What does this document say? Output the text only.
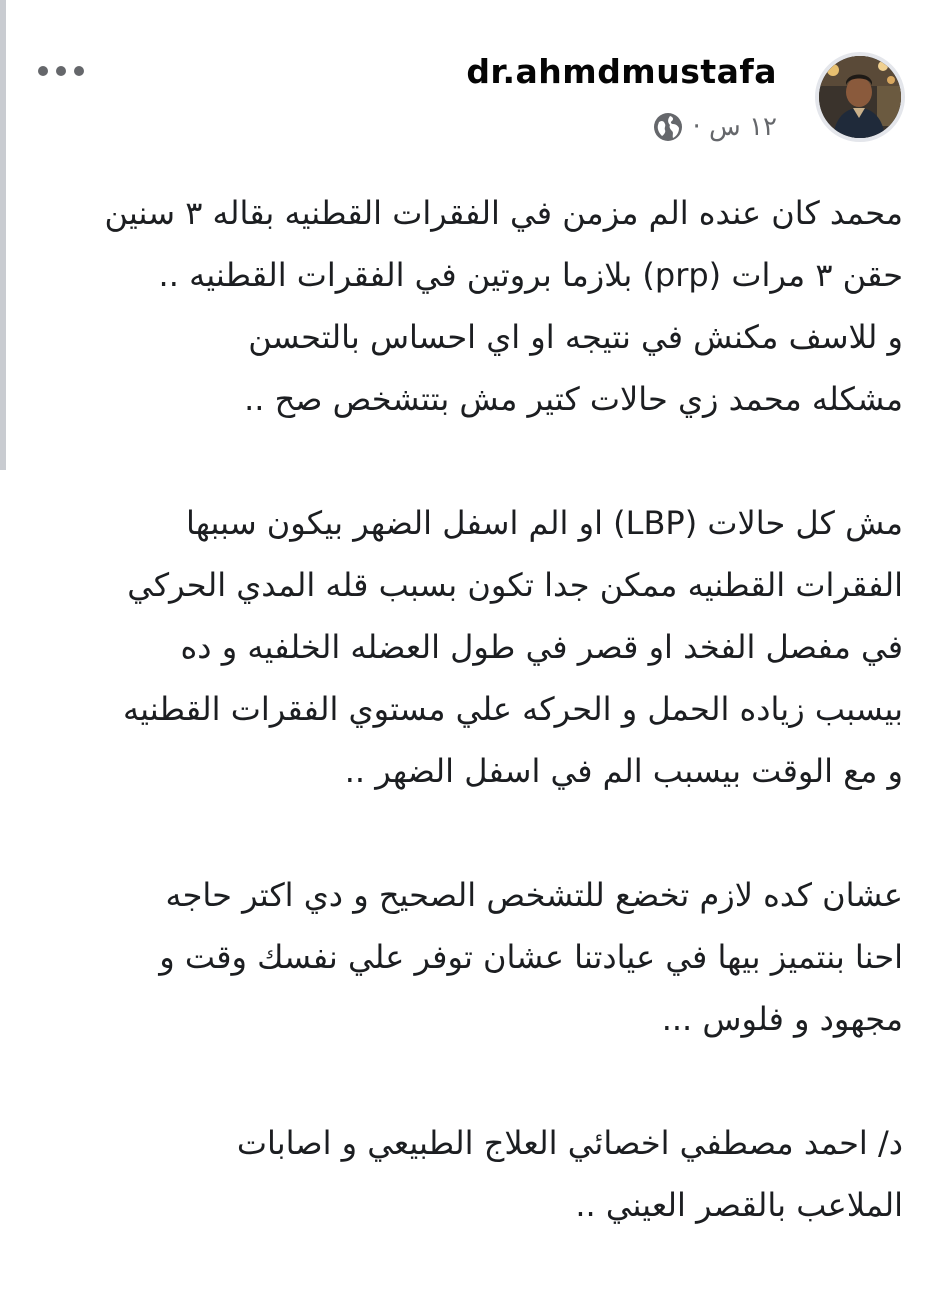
dr.ahmdmustafa
١٢ س ·
محمد كان عنده الم مزمن في الفقرات القطنيه بقاله ٣ سنين
حقن ٣ مرات (prp) بلازما بروتين في الفقرات القطنيه ..
و للاسف مكنش في نتيجه او اي احساس بالتحسن
مشكله محمد زي حالات كتير مش بتتشخص صح ..
مش كل حالات (LBP) او الم اسفل الضهر بيكون سببها
الفقرات القطنيه ممكن جدا تكون بسبب قله المدي الحركي
في مفصل الفخد او قصر في طول العضله الخلفيه و ده
بيسبب زياده الحمل و الحركه علي مستوي الفقرات القطنيه
و مع الوقت بيسبب الم في اسفل الضهر ..
عشان كده لازم تخضع للتشخص الصحيح و دي اكتر حاجه
احنا بنتميز بيها في عيادتنا عشان توفر علي نفسك وقت و
مجهود و فلوس ...
د/ احمد مصطفي اخصائي العلاج الطبيعي و اصابات
الملاعب بالقصر العيني ..
